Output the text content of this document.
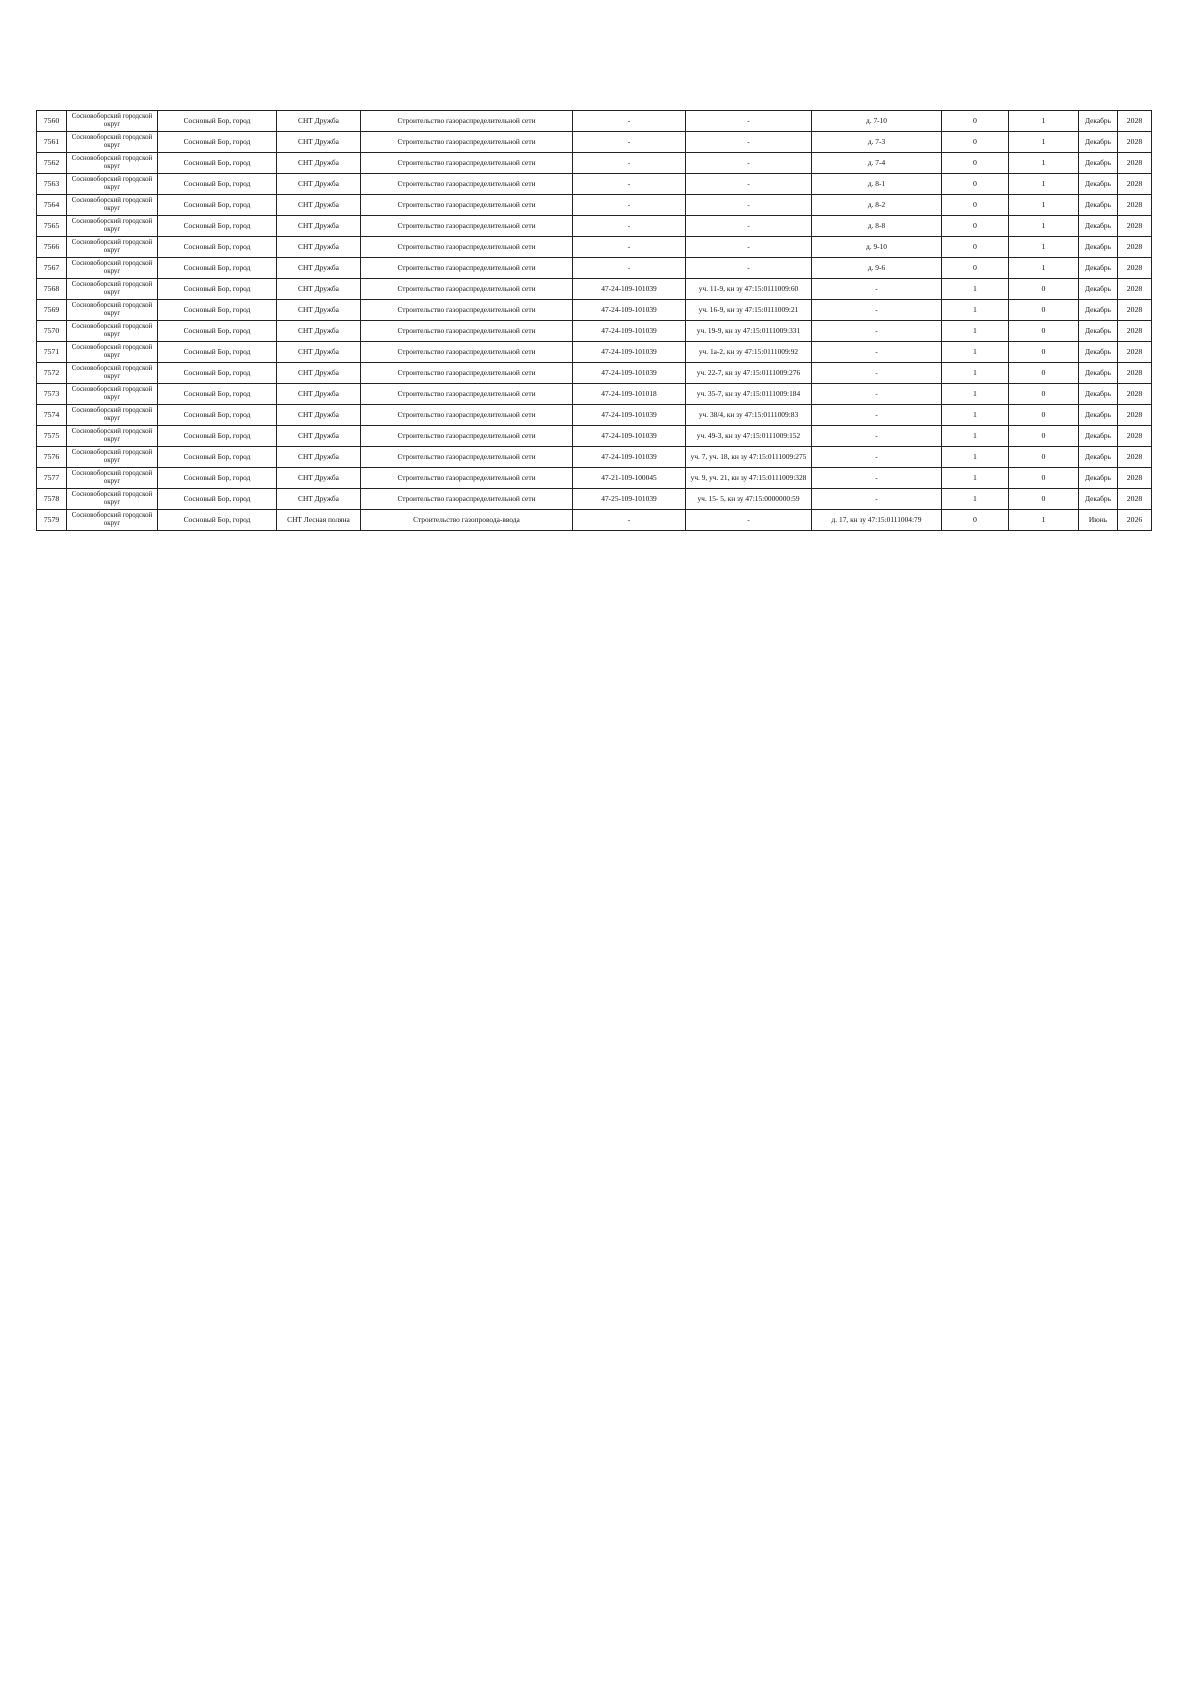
7560	Сосновоборский городской округ	Сосновый Бор, город	СНТ Дружба	Строительство газораспределительной сети	-	-	д. 7-10	0	1	Декабрь	2028
7561	Сосновоборский городской округ	Сосновый Бор, город	СНТ Дружба	Строительство газораспределительной сети	-	-	д. 7-3	0	1	Декабрь	2028
7562	Сосновоборский городской округ	Сосновый Бор, город	СНТ Дружба	Строительство газораспределительной сети	-	-	д. 7-4	0	1	Декабрь	2028
7563	Сосновоборский городской округ	Сосновый Бор, город	СНТ Дружба	Строительство газораспределительной сети	-	-	д. 8-1	0	1	Декабрь	2028
7564	Сосновоборский городской округ	Сосновый Бор, город	СНТ Дружба	Строительство газораспределительной сети	-	-	д. 8-2	0	1	Декабрь	2028
7565	Сосновоборский городской округ	Сосновый Бор, город	СНТ Дружба	Строительство газораспределительной сети	-	-	д. 8-8	0	1	Декабрь	2028
7566	Сосновоборский городской округ	Сосновый Бор, город	СНТ Дружба	Строительство газораспределительной сети	-	-	д. 9-10	0	1	Декабрь	2028
7567	Сосновоборский городской округ	Сосновый Бор, город	СНТ Дружба	Строительство газораспределительной сети	-	-	д. 9-6	0	1	Декабрь	2028
7568	Сосновоборский городской округ	Сосновый Бор, город	СНТ Дружба	Строительство газораспределительной сети	47-24-109-101039	уч. 11-9, кн зу 47:15:0111009:60	-	1	0	Декабрь	2028
7569	Сосновоборский городской округ	Сосновый Бор, город	СНТ Дружба	Строительство газораспределительной сети	47-24-109-101039	уч. 16-9, кн зу 47:15:0111009:21	-	1	0	Декабрь	2028
7570	Сосновоборский городской округ	Сосновый Бор, город	СНТ Дружба	Строительство газораспределительной сети	47-24-109-101039	уч. 19-9, кн зу 47:15:0111009:331	-	1	0	Декабрь	2028
7571	Сосновоборский городской округ	Сосновый Бор, город	СНТ Дружба	Строительство газораспределительной сети	47-24-109-101039	уч. 1а-2, кн зу 47:15:0111009:92	-	1	0	Декабрь	2028
7572	Сосновоборский городской округ	Сосновый Бор, город	СНТ Дружба	Строительство газораспределительной сети	47-24-109-101039	уч. 22-7, кн зу 47:15:0111009:276	-	1	0	Декабрь	2028
7573	Сосновоборский городской округ	Сосновый Бор, город	СНТ Дружба	Строительство газораспределительной сети	47-24-109-101018	уч. 35-7, кн зу 47:15:0111009:184	-	1	0	Декабрь	2028
7574	Сосновоборский городской округ	Сосновый Бор, город	СНТ Дружба	Строительство газораспределительной сети	47-24-109-101039	уч. 38/4, кн зу 47:15:0111009:83	-	1	0	Декабрь	2028
7575	Сосновоборский городской округ	Сосновый Бор, город	СНТ Дружба	Строительство газораспределительной сети	47-24-109-101039	уч. 49-3, кн зу 47:15:0111009:152	-	1	0	Декабрь	2028
7576	Сосновоборский городской округ	Сосновый Бор, город	СНТ Дружба	Строительство газораспределительной сети	47-24-109-101039	уч. 7, уч. 18, кн зу 47:15:0111009:275	-	1	0	Декабрь	2028
7577	Сосновоборский городской округ	Сосновый Бор, город	СНТ Дружба	Строительство газораспределительной сети	47-21-109-100045	уч. 9, уч. 21, кн зу 47:15:0111009:328	-	1	0	Декабрь	2028
7578	Сосновоборский городской округ	Сосновый Бор, город	СНТ Дружба	Строительство газораспределительной сети	47-25-109-101039	уч. 15- 5, кн зу 47:15:0000000:59	-	1	0	Декабрь	2028
7579	Сосновоборский городской округ	Сосновый Бор, город	СНТ Лесная поляна	Строительство газопровода-ввода	-	-	д. 17, кн зу 47:15:0111004:79	0	1	Июнь	2026
